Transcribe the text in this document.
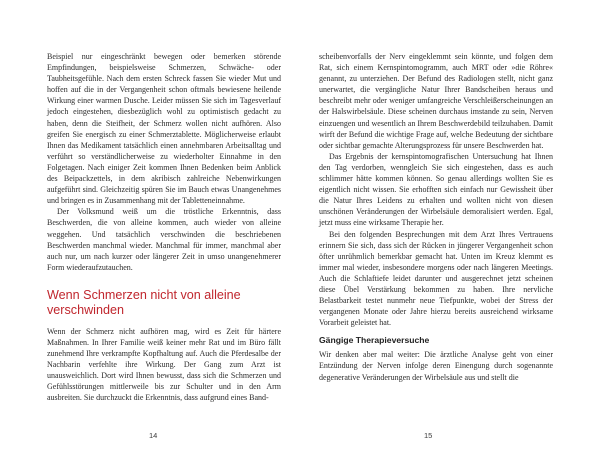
Beispiel nur eingeschränkt bewegen oder bemerken störende Empfindungen, beispielsweise Schmerzen, Schwäche- oder Taubheitsgefühle. Nach dem ersten Schreck fassen Sie wieder Mut und hoffen auf die in der Vergangenheit schon oftmals bewiesene heilende Wirkung einer warmen Dusche. Leider müssen Sie sich im Tagesverlauf jedoch eingestehen, diesbezüglich wohl zu optimistisch gedacht zu haben, denn die Steifheit, der Schmerz wollen nicht aufhören. Also greifen Sie energisch zu einer Schmerztablette. Möglicherweise erlaubt Ihnen das Medikament tatsächlich einen annehmbaren Arbeitsalltag und verführt so verständlicherweise zu wiederholter Einnahme in den Folgetagen. Nach einiger Zeit kommen Ihnen Bedenken beim Anblick des Beipackzettels, in dem akribisch zahlreiche Nebenwirkungen aufgeführt sind. Gleichzeitig spüren Sie im Bauch etwas Unangenehmes und bringen es in Zusammenhang mit der Tabletteneinnahme.

Der Volksmund weiß um die tröstliche Erkenntnis, dass Beschwerden, die von alleine kommen, auch wieder von alleine weggehen. Und tatsächlich verschwinden die beschriebenen Beschwerden manchmal wieder. Manchmal für immer, manchmal aber auch nur, um nach kurzer oder längerer Zeit in umso unangenehmerer Form wiederaufzutauchen.

Wenn Schmerzen nicht von alleine verschwinden

Wenn der Schmerz nicht aufhören mag, wird es Zeit für härtere Maßnahmen. In Ihrer Familie weiß keiner mehr Rat und im Büro fällt zunehmend Ihre verkrampfte Kopfhaltung auf. Auch die Pferdesalbe der Nachbarin verfehlte ihre Wirkung. Der Gang zum Arzt ist unausweichlich. Dort wird Ihnen bewusst, dass sich die Schmerzen und Gefühlsstörungen mittlerweile bis zur Schulter und in den Arm ausbreiten. Sie durchzuckt die Erkenntnis, dass aufgrund eines Band-

14

scheibenvorfalls der Nerv eingeklemmt sein könnte, und folgen dem Rat, sich einem Kernspintomogramm, auch MRT oder »die Röhre« genannt, zu unterziehen. Der Befund des Radiologen stellt, nicht ganz unerwartet, die vergängliche Natur Ihrer Bandscheiben heraus und beschreibt mehr oder weniger umfangreiche Verschleißerscheinungen an der Halswirbelsäule. Diese scheinen durchaus imstande zu sein, Nerven einzuengen und wesentlich an Ihrem Beschwerdebild teilzuhaben. Damit wirft der Befund die wichtige Frage auf, welche Bedeutung der sichtbare oder sichtbar gemachte Alterungsprozess für unsere Beschwerden hat.

Das Ergebnis der kernspintomografischen Untersuchung hat Ihnen den Tag verdorben, wenngleich Sie sich eingestehen, dass es auch schlimmer hätte kommen können. So genau allerdings wollten Sie es eigentlich nicht wissen. Sie erhofften sich einfach nur Gewissheit über die Natur Ihres Leidens zu erhalten und wollten nicht von diesen unschönen Veränderungen der Wirbelsäule demoralisiert werden. Egal, jetzt muss eine wirksame Therapie her.

Bei den folgenden Besprechungen mit dem Arzt Ihres Vertrauens erinnern Sie sich, dass sich der Rücken in jüngerer Vergangenheit schon öfter unrühmlich bemerkbar gemacht hat. Unten im Kreuz klemmt es immer mal wieder, insbesondere morgens oder nach längeren Meetings. Auch die Schlaftiefe leidet darunter und ausgerechnet jetzt scheinen diese Übel Verstärkung bekommen zu haben. Ihre nervliche Belastbarkeit testet nunmehr neue Tiefpunkte, wobei der Stress der vergangenen Monate oder Jahre hierzu bereits ausreichend wirksame Vorarbeit geleistet hat.

Gängige Therapieversuche

Wir denken aber mal weiter: Die ärztliche Analyse geht von einer Entzündung der Nerven infolge deren Einengung durch sogenannte degenerative Veränderungen der Wirbelsäule aus und stellt die

15
